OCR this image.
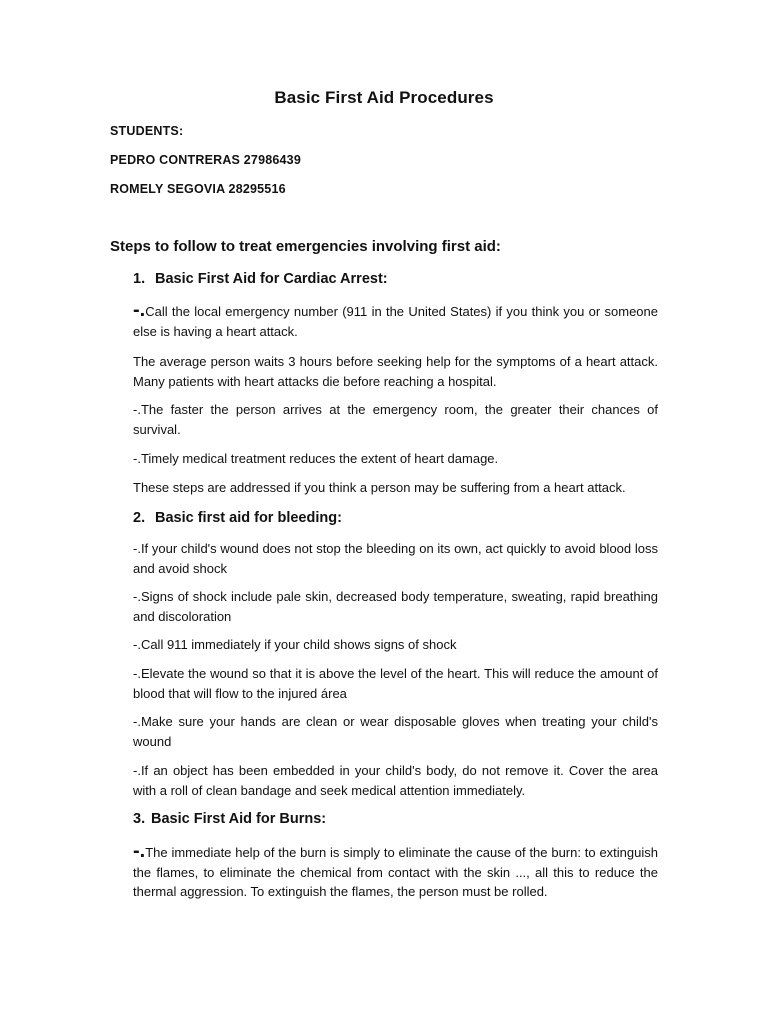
Basic First Aid Procedures
STUDENTS:
PEDRO CONTRERAS 27986439
ROMELY SEGOVIA 28295516
Steps to follow to treat emergencies involving first aid:
1. Basic First Aid for Cardiac Arrest:
-.Call the local emergency number (911 in the United States) if you think you or someone else is having a heart attack.
The average person waits 3 hours before seeking help for the symptoms of a heart attack. Many patients with heart attacks die before reaching a hospital.
-.The faster the person arrives at the emergency room, the greater their chances of survival.
-.Timely medical treatment reduces the extent of heart damage.
These steps are addressed if you think a person may be suffering from a heart attack.
2. Basic first aid for bleeding:
-.If your child's wound does not stop the bleeding on its own, act quickly to avoid blood loss and avoid shock
-.Signs of shock include pale skin, decreased body temperature, sweating, rapid breathing and discoloration
-.Call 911 immediately if your child shows signs of shock
-.Elevate the wound so that it is above the level of the heart. This will reduce the amount of blood that will flow to the injured área
-.Make sure your hands are clean or wear disposable gloves when treating your child's wound
-.If an object has been embedded in your child's body, do not remove it. Cover the area with a roll of clean bandage and seek medical attention immediately.
3. Basic First Aid for Burns:
-.The immediate help of the burn is simply to eliminate the cause of the burn: to extinguish the flames, to eliminate the chemical from contact with the skin ..., all this to reduce the thermal aggression. To extinguish the flames, the person must be rolled.
